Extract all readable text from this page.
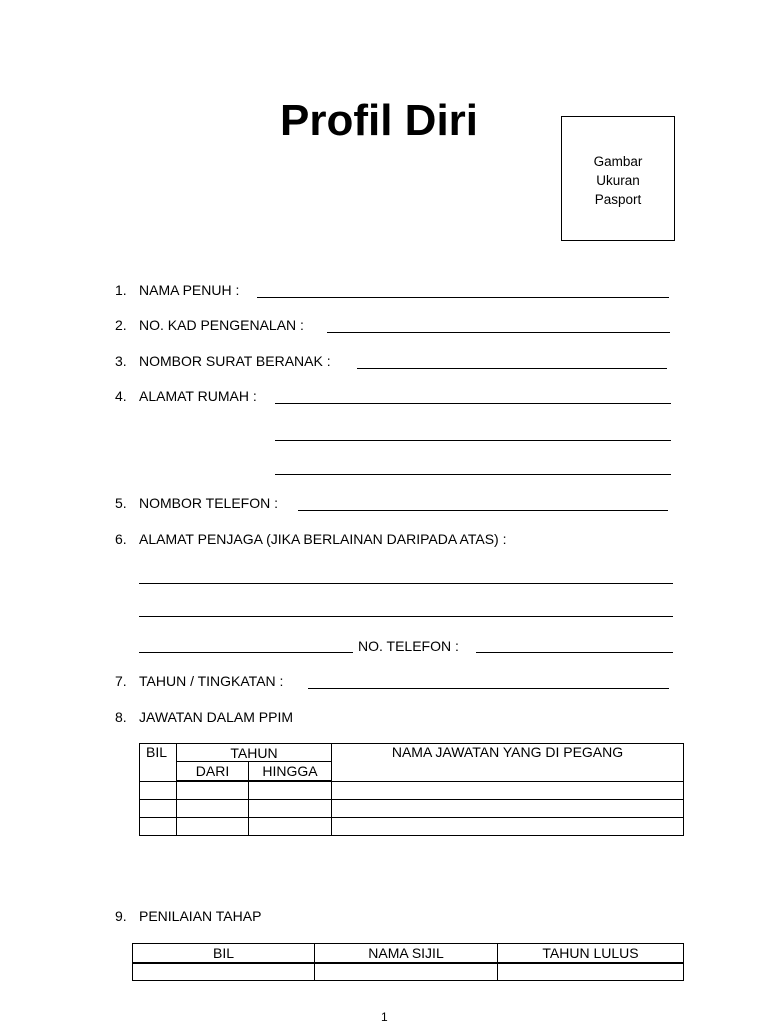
Profil Diri
Gambar
Ukuran
Pasport
1. NAMA PENUH :
2. NO. KAD PENGENALAN :
3. NOMBOR SURAT BERANAK :
4. ALAMAT RUMAH :
5. NOMBOR TELEFON :
6. ALAMAT PENJAGA (JIKA BERLAINAN DARIPADA ATAS) :
NO. TELEFON :
7. TAHUN / TINGKATAN :
8. JAWATAN DALAM PPIM
BIL	TAHUN		NAMA JAWATAN YANG DI PEGANG
	DARI	HINGGA	

9. PENILAIAN TAHAP
BIL	NAMA SIJIL	TAHUN LULUS

1
